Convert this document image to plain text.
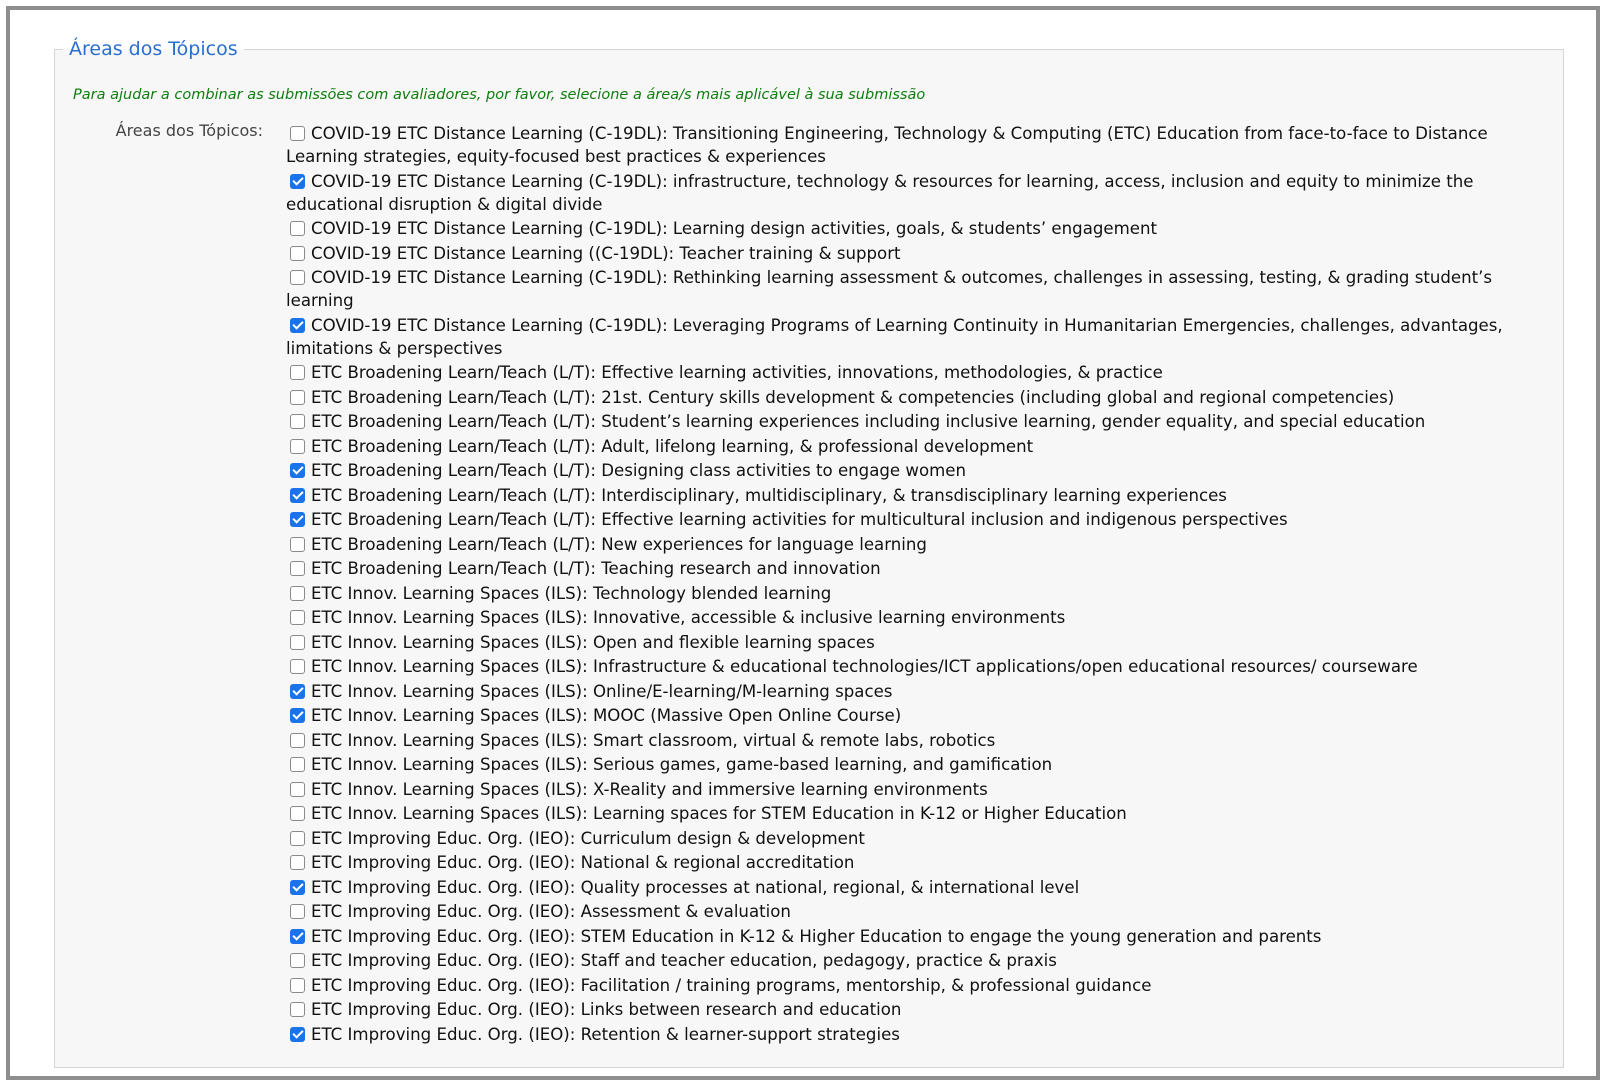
Áreas dos Tópicos
Para ajudar a combinar as submissões com avaliadores, por favor, selecione a área/s mais aplicável à sua submissão
Áreas dos Tópicos:	COVID-19 ETC Distance Learning (C-19DL): Transitioning Engineering, Technology & Computing (ETC) Education from face-to-face to Distance Learning strategies, equity-focused best practices & experiences
COVID-19 ETC Distance Learning (C-19DL): infrastructure, technology & resources for learning, access, inclusion and equity to minimize the educational disruption & digital divide
COVID-19 ETC Distance Learning (C-19DL): Learning design activities, goals, & students’ engagement
COVID-19 ETC Distance Learning ((C-19DL): Teacher training & support
COVID-19 ETC Distance Learning (C-19DL): Rethinking learning assessment & outcomes, challenges in assessing, testing, & grading student’s learning
COVID-19 ETC Distance Learning (C-19DL): Leveraging Programs of Learning Continuity in Humanitarian Emergencies, challenges, advantages, limitations & perspectives
ETC Broadening Learn/Teach (L/T): Effective learning activities, innovations, methodologies, & practice
ETC Broadening Learn/Teach (L/T): 21st. Century skills development & competencies (including global and regional competencies)
ETC Broadening Learn/Teach (L/T): Student’s learning experiences including inclusive learning, gender equality, and special education
ETC Broadening Learn/Teach (L/T): Adult, lifelong learning, & professional development
ETC Broadening Learn/Teach (L/T): Designing class activities to engage women
ETC Broadening Learn/Teach (L/T): Interdisciplinary, multidisciplinary, & transdisciplinary learning experiences
ETC Broadening Learn/Teach (L/T): Effective learning activities for multicultural inclusion and indigenous perspectives
ETC Broadening Learn/Teach (L/T): New experiences for language learning
ETC Broadening Learn/Teach (L/T): Teaching research and innovation
ETC Innov. Learning Spaces (ILS): Technology blended learning
ETC Innov. Learning Spaces (ILS): Innovative, accessible & inclusive learning environments
ETC Innov. Learning Spaces (ILS): Open and flexible learning spaces
ETC Innov. Learning Spaces (ILS): Infrastructure & educational technologies/ICT applications/open educational resources/ courseware
ETC Innov. Learning Spaces (ILS): Online/E-learning/M-learning spaces
ETC Innov. Learning Spaces (ILS): MOOC (Massive Open Online Course)
ETC Innov. Learning Spaces (ILS): Smart classroom, virtual & remote labs, robotics
ETC Innov. Learning Spaces (ILS): Serious games, game-based learning, and gamification
ETC Innov. Learning Spaces (ILS): X-Reality and immersive learning environments
ETC Innov. Learning Spaces (ILS): Learning spaces for STEM Education in K-12 or Higher Education
ETC Improving Educ. Org. (IEO): Curriculum design & development
ETC Improving Educ. Org. (IEO): National & regional accreditation
ETC Improving Educ. Org. (IEO): Quality processes at national, regional, & international level
ETC Improving Educ. Org. (IEO): Assessment & evaluation
ETC Improving Educ. Org. (IEO): STEM Education in K-12 & Higher Education to engage the young generation and parents
ETC Improving Educ. Org. (IEO): Staff and teacher education, pedagogy, practice & praxis
ETC Improving Educ. Org. (IEO): Facilitation / training programs, mentorship, & professional guidance
ETC Improving Educ. Org. (IEO): Links between research and education
ETC Improving Educ. Org. (IEO): Retention & learner-support strategies
